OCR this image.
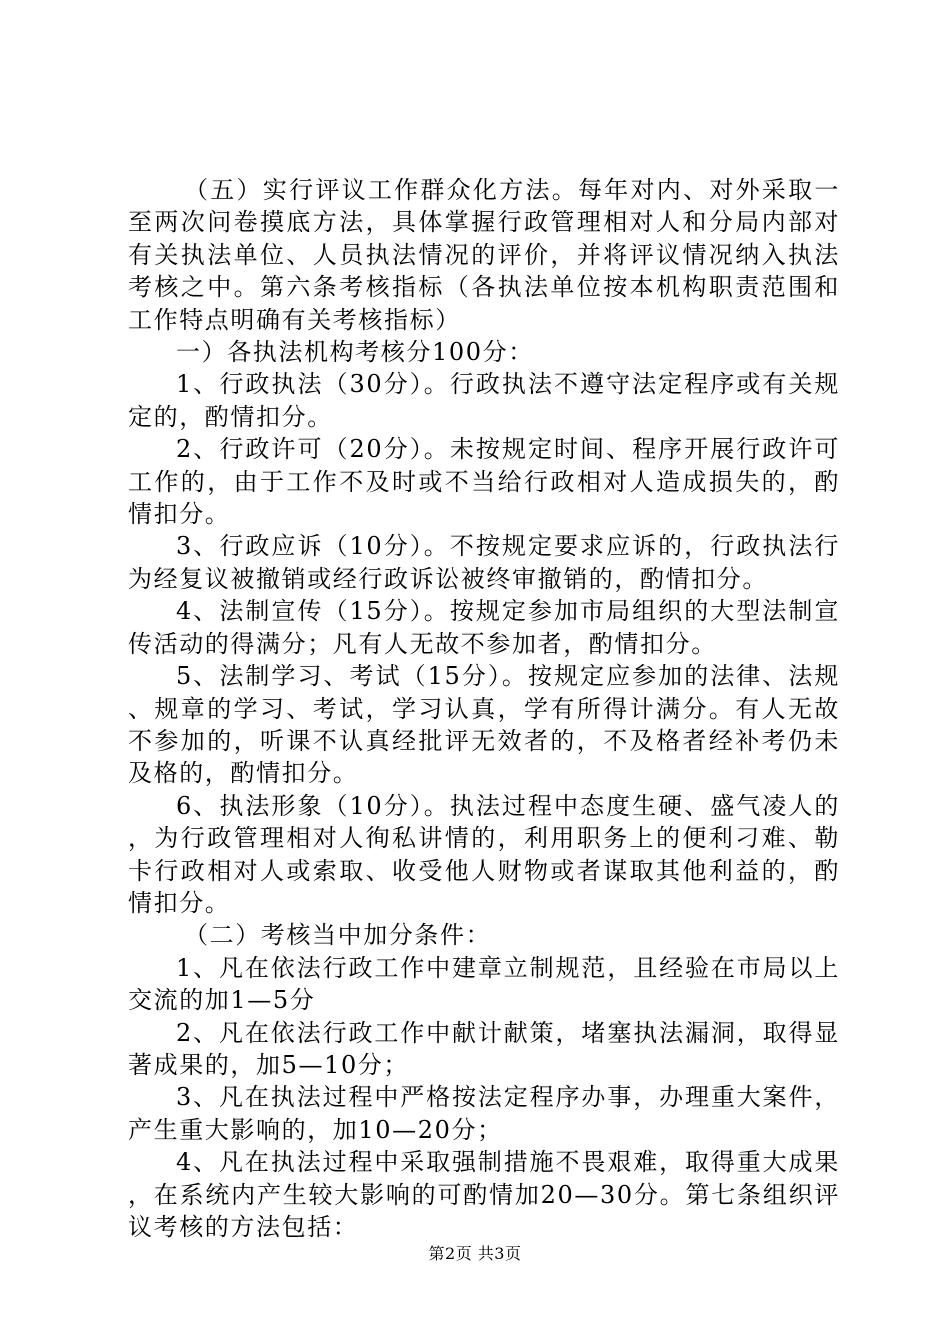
（五）实行评议工作群众化方法。每年对内、对外采取一至两次问卷摸底方法，具体掌握行政管理相对人和分局内部对有关执法单位、人员执法情况的评价，并将评议情况纳入执法考核之中。第六条考核指标（各执法单位按本机构职责范围和工作特点明确有关考核指标）

一）各执法机构考核分100分：

1、行政执法（30分）。行政执法不遵守法定程序或有关规定的，酌情扣分。

2、行政许可（20分）。未按规定时间、程序开展行政许可工作的，由于工作不及时或不当给行政相对人造成损失的，酌情扣分。

3、行政应诉（10分）。不按规定要求应诉的，行政执法行为经复议被撤销或经行政诉讼被终审撤销的，酌情扣分。

4、法制宣传（15分）。按规定参加市局组织的大型法制宣传活动的得满分；凡有人无故不参加者，酌情扣分。

5、法制学习、考试（15分）。按规定应参加的法律、法规、规章的学习、考试，学习认真，学有所得计满分。有人无故不参加的，听课不认真经批评无效者的，不及格者经补考仍未及格的，酌情扣分。

6、执法形象（10分）。执法过程中态度生硬、盛气凌人的，为行政管理相对人徇私讲情的，利用职务上的便利刁难、勒卡行政相对人或索取、收受他人财物或者谋取其他利益的，酌情扣分。

（二）考核当中加分条件：

1、凡在依法行政工作中建章立制规范，且经验在市局以上交流的加1—5分

2、凡在依法行政工作中献计献策，堵塞执法漏洞，取得显著成果的，加5—10分；

3、凡在执法过程中严格按法定程序办事，办理重大案件，产生重大影响的，加10—20分；

4、凡在执法过程中采取强制措施不畏艰难，取得重大成果，在系统内产生较大影响的可酌情加20—30分。第七条组织评议考核的方法包括：

第2页 共3页
